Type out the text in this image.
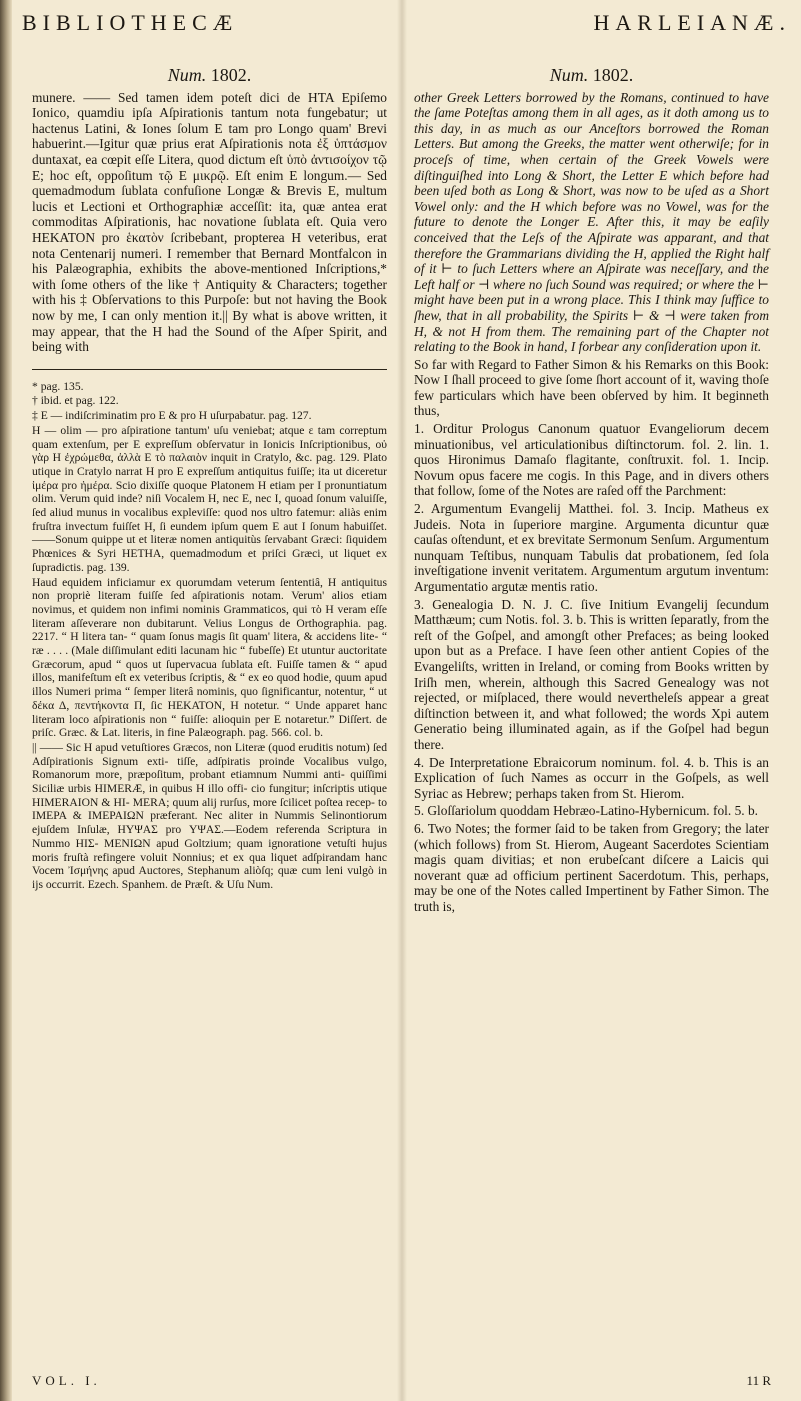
BIBLIOTHECÆ	HARLEIANÆ.
Num. 1802.

munere. —— Sed tamen idem poteſt dici de ΗΤΑ Epiſemo Ionico, quamdiu ipſa Aſpirationis tantum nota fungebatur; ut hactenus Latini, & Iones ſolum E tam pro Longo quam' Brevi habuerint.—Igitur quæ prius erat Aſpirationis nota ἐξ ὑπτάσμον duntaxat, ea cœpit eſſe Litera, quod dictum eſt ὑπὸ ἀντισοίχον τῷ E; hoc eſt, oppoſitum τῷ E μικρῷ. Eſt enim E longum.— Sed quemadmodum ſublata confuſione Longæ & Brevis E, multum lucis et Lectioni et Orthographiæ acceſſit: ita, quæ antea erat commoditas Aſpirationis, hac novatione ſublata eſt. Quia vero HEKATON pro ἑκατὸν ſcribebant, propterea H veteribus, erat nota Centenarij numeri. I remember that Bernard Montfalcon in his Palæographia, exhibits the above-mentioned Inſcriptions,* with ſome others of the like † Antiquity & Characters; together with his ‡ Obſervations to this Purpoſe: but not having the Book now by me, I can only mention it.|| By what is above written, it may appear, that the H had the Sound of the Aſper Spirit, and being with

* pag. 135.

† ibid. et pag. 122.

‡ E — indiſcriminatim pro E & pro H uſurpabatur. pag. 127.

H — olim — pro aſpiratione tantum' uſu veniebat; atque ε tam correptum quam extenſum, per E expreſſum obſervatur in Ionicis Inſcriptionibus, οὐ γὰρ H ἐχρώμεθα, ἀλλὰ E τὸ παλαιὸν inquit in Cratylo, &c. pag. 129. Plato utique in Cratylo narrat H pro E expreſſum antiquitus fuiſſe; ita ut diceretur ἱμέρα pro ἡμέρα. Scio dixiſſe quoque Platonem H etiam per I pronuntiatum olim. Verum quid inde? niſi Vocalem H, nec E, nec I, quoad ſonum valuiſſe, ſed aliud munus in vocalibus expleviſſe: quod nos ultro fatemur: aliàs enim fruſtra invectum fuiſſet H, ſi eundem ipſum quem E aut I ſonum habuiſſet. ——Sonum quippe ut et literæ nomen antiquitùs ſervabant Græci: ſiquidem Phœnices & Syri HETHA, quemadmodum et priſci Græci, ut liquet ex ſupradictis. pag. 139.

Haud equidem inficiamur ex quorumdam veterum ſententiâ, H antiquitus non propriè literam fuiſſe ſed aſpirationis notam. Verum' alios etiam novimus, et quidem non infimi nominis Grammaticos, qui τὸ H veram eſſe literam aſſeverare non dubitarunt. Velius Longus de Orthographia. pag. 2217. “ H litera tan- “ quam ſonus magis ſit quam' litera, & accidens lite- “ ræ . . . . (Male diſſimulant editi lacunam hic “ fubeſſe) Et utuntur auctoritate Græcorum, apud “ quos ut ſupervacua ſublata eſt. Fuiſſe tamen & “ apud illos, manifeſtum eſt ex veteribus ſcriptis, & “ ex eo quod hodie, quum apud illos Numeri prima “ ſemper literâ nominis, quo ſignificantur, notentur, “ ut δέκα Δ, πεντήκοντα Π, ſic HEKATON, H notetur. “ Unde apparet hanc literam loco aſpirationis non “ fuiſſe: alioquin per E notaretur.” Diſſert. de priſc. Græc. & Lat. literis, in fine Palæograph. pag. 566. col. b.

|| —— Sic H apud vetuſtiores Græcos, non Literæ (quod eruditis notum) ſed Adſpirationis Signum exti- tiſſe, adſpiratis proinde Vocalibus vulgo, Romanorum more, præpoſitum, probant etiamnum Nummi anti- quiſſimi Siciliæ urbis HIMERÆ, in quibus H illo offi- cio fungitur; inſcriptis utique HIMERAION & HI- MERA; quum alij rurſus, more ſcilicet poſtea recep- to IMEPA & IMEPAIΩN præferant. Nec aliter in Nummis Selinontiorum ejuſdem Inſulæ, HΥΨΑΣ pro ΥΨΑΣ.—Eodem referenda Scriptura in Nummo HIΣ- MENIΩN apud Goltzium; quam ignoratione vetuſti hujus moris fruſtà refingere voluit Nonnius; et ex qua liquet adſpirandam hanc Vocem Ἰσμήνης apud Auctores, Stephanum aliòſq; quæ cum leni vulgò in ijs occurrit. Ezech. Spanhem. de Præſt. & Uſu Num.

Num. 1802.

other Greek Letters borrowed by the Romans, continued to have the ſame Poteſtas among them in all ages, as it doth among us to this day, in as much as our Anceſtors borrowed the Roman Letters. But among the Greeks, the matter went otherwiſe; for in proceſs of time, when certain of the Greek Vowels were diſtinguiſhed into Long & Short, the Letter E which before had been uſed both as Long & Short, was now to be uſed as a Short Vowel only: and the H which before was no Vowel, was for the future to denote the Longer E. After this, it may be eaſily conceived that the Leſs of the Aſpirate was apparant, and that therefore the Grammarians dividing the H, applied the Right half of it ⊢ to ſuch Letters where an Aſpirate was neceſſary, and the Left half or ⊣ where no ſuch Sound was required; or where the ⊢ might have been put in a wrong place. This I think may ſuffice to ſhew, that in all probability, the Spirits ⊢ & ⊣ were taken from H, & not H from them. The remaining part of the Chapter not relating to the Book in hand, I forbear any conſideration upon it.

So far with Regard to Father Simon & his Remarks on this Book: Now I ſhall proceed to give ſome ſhort account of it, waving thoſe few particulars which have been obſerved by him. It beginneth thus,

1. Orditur Prologus Canonum quatuor Evangeliorum decem minuationibus, vel articulationibus diſtinctorum. fol. 2. lin. 1. quos Hironimus Damaſo flagitante, conſtruxit. fol. 1. Incip. Novum opus facere me cogis. In this Page, and in divers others that follow, ſome of the Notes are raſed off the Parchment:

2. Argumentum Evangelij Matthei. fol. 3. Incip. Matheus ex Judeis. Nota in ſuperiore margine. Argumenta dicuntur quæ cauſas oſtendunt, et ex brevitate Sermonum Senſum. Argumentum nunquam Teſtibus, nunquam Tabulis dat probationem, ſed ſola inveſtigatione invenit veritatem. Argumentum argutum inventum: Argumentatio argutæ mentis ratio.

3. Genealogia D. N. J. C. ſive Initium Evangelij ſecundum Matthæum; cum Notis. fol. 3. b. This is written ſeparatly, from the reſt of the Goſpel, and amongſt other Prefaces; as being looked upon but as a Preface. I have ſeen other antient Copies of the Evangeliſts, written in Ireland, or coming from Books written by Iriſh men, wherein, although this Sacred Genealogy was not rejected, or miſplaced, there would nevertheleſs appear a great diſtinction between it, and what followed; the words Xpi autem Generatio being illuminated again, as if the Goſpel had begun there.

4. De Interpretatione Ebraicorum nominum. fol. 4. b. This is an Explication of ſuch Names as occurr in the Goſpels, as well Syriac as Hebrew; perhaps taken from St. Hierom.

5. Gloſſariolum quoddam Hebræo-Latino-Hybernicum. fol. 5. b.

6. Two Notes; the former ſaid to be taken from Gregory; the later (which follows) from St. Hierom, Augeant Sacerdotes Scientiam magis quam divitias; et non erubeſcant diſcere a Laicis qui noverant quæ ad officium pertinent Sacerdotum. This, perhaps, may be one of the Notes called Impertinent by Father Simon. The truth is,

VOL. I.	11 R
